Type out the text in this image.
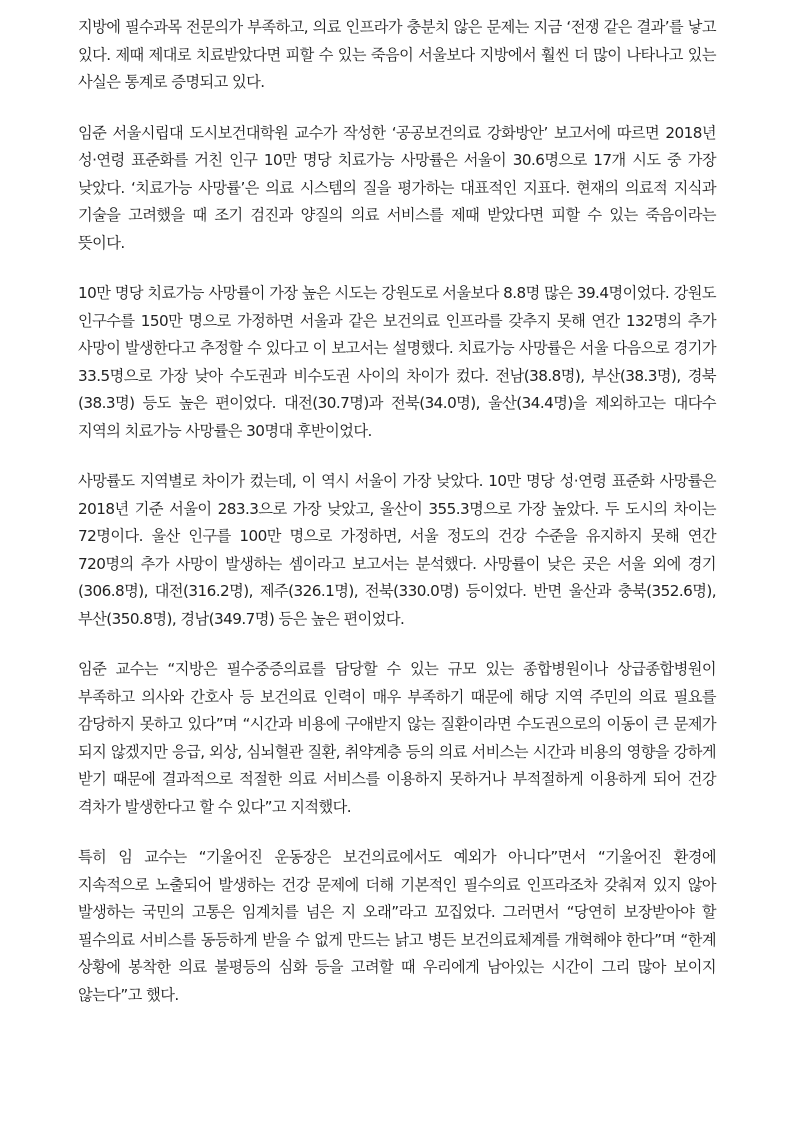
지방에 필수과목 전문의가 부족하고, 의료 인프라가 충분치 않은 문제는 지금 ‘전쟁 같은 결과’를 낳고 있다. 제때 제대로 치료받았다면 피할 수 있는 죽음이 서울보다 지방에서 훨씬 더 많이 나타나고 있는 사실은 통계로 증명되고 있다.

임준 서울시립대 도시보건대학원 교수가 작성한 ‘공공보건의료 강화방안’ 보고서에 따르면 2018년 성·연령 표준화를 거친 인구 10만 명당 치료가능 사망률은 서울이 30.6명으로 17개 시도 중 가장 낮았다. ‘치료가능 사망률’은 의료 시스템의 질을 평가하는 대표적인 지표다. 현재의 의료적 지식과 기술을 고려했을 때 조기 검진과 양질의 의료 서비스를 제때 받았다면 피할 수 있는 죽음이라는 뜻이다.

10만 명당 치료가능 사망률이 가장 높은 시도는 강원도로 서울보다 8.8명 많은 39.4명이었다. 강원도 인구수를 150만 명으로 가정하면 서울과 같은 보건의료 인프라를 갖추지 못해 연간 132명의 추가 사망이 발생한다고 추정할 수 있다고 이 보고서는 설명했다. 치료가능 사망률은 서울 다음으로 경기가 33.5명으로 가장 낮아 수도권과 비수도권 사이의 차이가 컸다. 전남(38.8명), 부산(38.3명), 경북(38.3명) 등도 높은 편이었다. 대전(30.7명)과 전북(34.0명), 울산(34.4명)을 제외하고는 대다수 지역의 치료가능 사망률은 30명대 후반이었다.

사망률도 지역별로 차이가 컸는데, 이 역시 서울이 가장 낮았다. 10만 명당 성·연령 표준화 사망률은 2018년 기준 서울이 283.3으로 가장 낮았고, 울산이 355.3명으로 가장 높았다. 두 도시의 차이는 72명이다. 울산 인구를 100만 명으로 가정하면, 서울 정도의 건강 수준을 유지하지 못해 연간 720명의 추가 사망이 발생하는 셈이라고 보고서는 분석했다. 사망률이 낮은 곳은 서울 외에 경기(306.8명), 대전(316.2명), 제주(326.1명), 전북(330.0명) 등이었다. 반면 울산과 충북(352.6명), 부산(350.8명), 경남(349.7명) 등은 높은 편이었다.

임준 교수는 “지방은 필수중증의료를 담당할 수 있는 규모 있는 종합병원이나 상급종합병원이 부족하고 의사와 간호사 등 보건의료 인력이 매우 부족하기 때문에 해당 지역 주민의 의료 필요를 감당하지 못하고 있다”며 “시간과 비용에 구애받지 않는 질환이라면 수도권으로의 이동이 큰 문제가 되지 않겠지만 응급, 외상, 심뇌혈관 질환, 취약계층 등의 의료 서비스는 시간과 비용의 영향을 강하게 받기 때문에 결과적으로 적절한 의료 서비스를 이용하지 못하거나 부적절하게 이용하게 되어 건강 격차가 발생한다고 할 수 있다”고 지적했다.

특히 임 교수는 “기울어진 운동장은 보건의료에서도 예외가 아니다”면서 “기울어진 환경에 지속적으로 노출되어 발생하는 건강 문제에 더해 기본적인 필수의료 인프라조차 갖춰져 있지 않아 발생하는 국민의 고통은 임계치를 넘은 지 오래”라고 꼬집었다. 그러면서 “당연히 보장받아야 할 필수의료 서비스를 동등하게 받을 수 없게 만드는 낡고 병든 보건의료체계를 개혁해야 한다”며 “한계 상황에 봉착한 의료 불평등의 심화 등을 고려할 때 우리에게 남아있는 시간이 그리 많아 보이지 않는다”고 했다.
